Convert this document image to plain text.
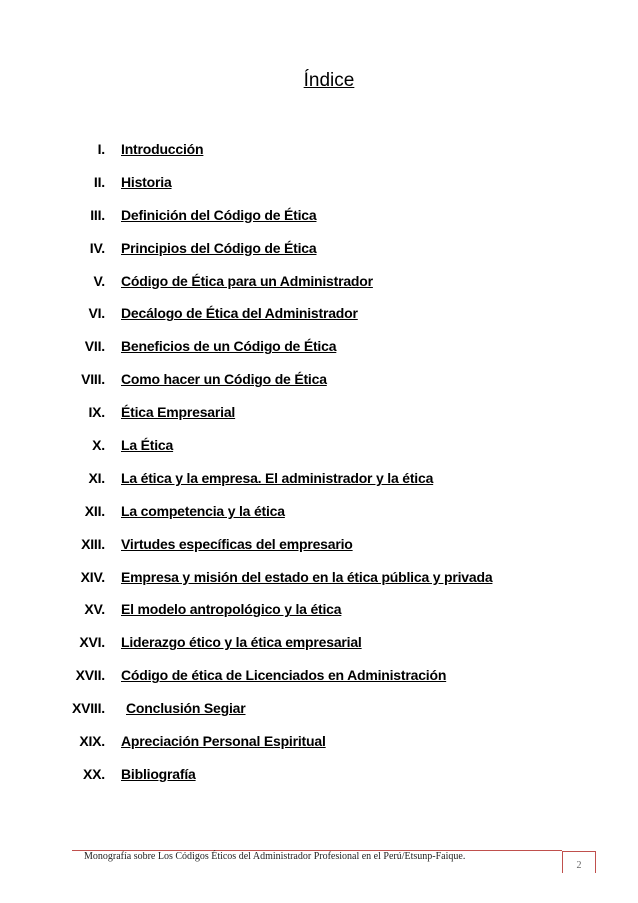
Índice
I. Introducción
II. Historia
III. Definición del Código de Ética
IV. Principios del Código de Ética
V. Código de Ética para un Administrador
VI. Decálogo de Ética del Administrador
VII. Beneficios de un Código de Ética
VIII. Como hacer un Código de Ética
IX. Ética Empresarial
X. La Ética
XI. La ética y la empresa. El administrador y la ética
XII. La competencia y la ética
XIII. Virtudes específicas del empresario
XIV. Empresa y misión del estado en la ética pública y privada
XV. El modelo antropológico y la ética
XVI. Liderazgo ético y la ética empresarial
XVII. Código de ética de Licenciados en Administración
XVIII. Conclusión Segiar
XIX. Apreciación Personal Espiritual
XX. Bibliografía
Monografía sobre Los Códigos Éticos del Administrador Profesional en el Perú/Etsunp-Faique.
2
